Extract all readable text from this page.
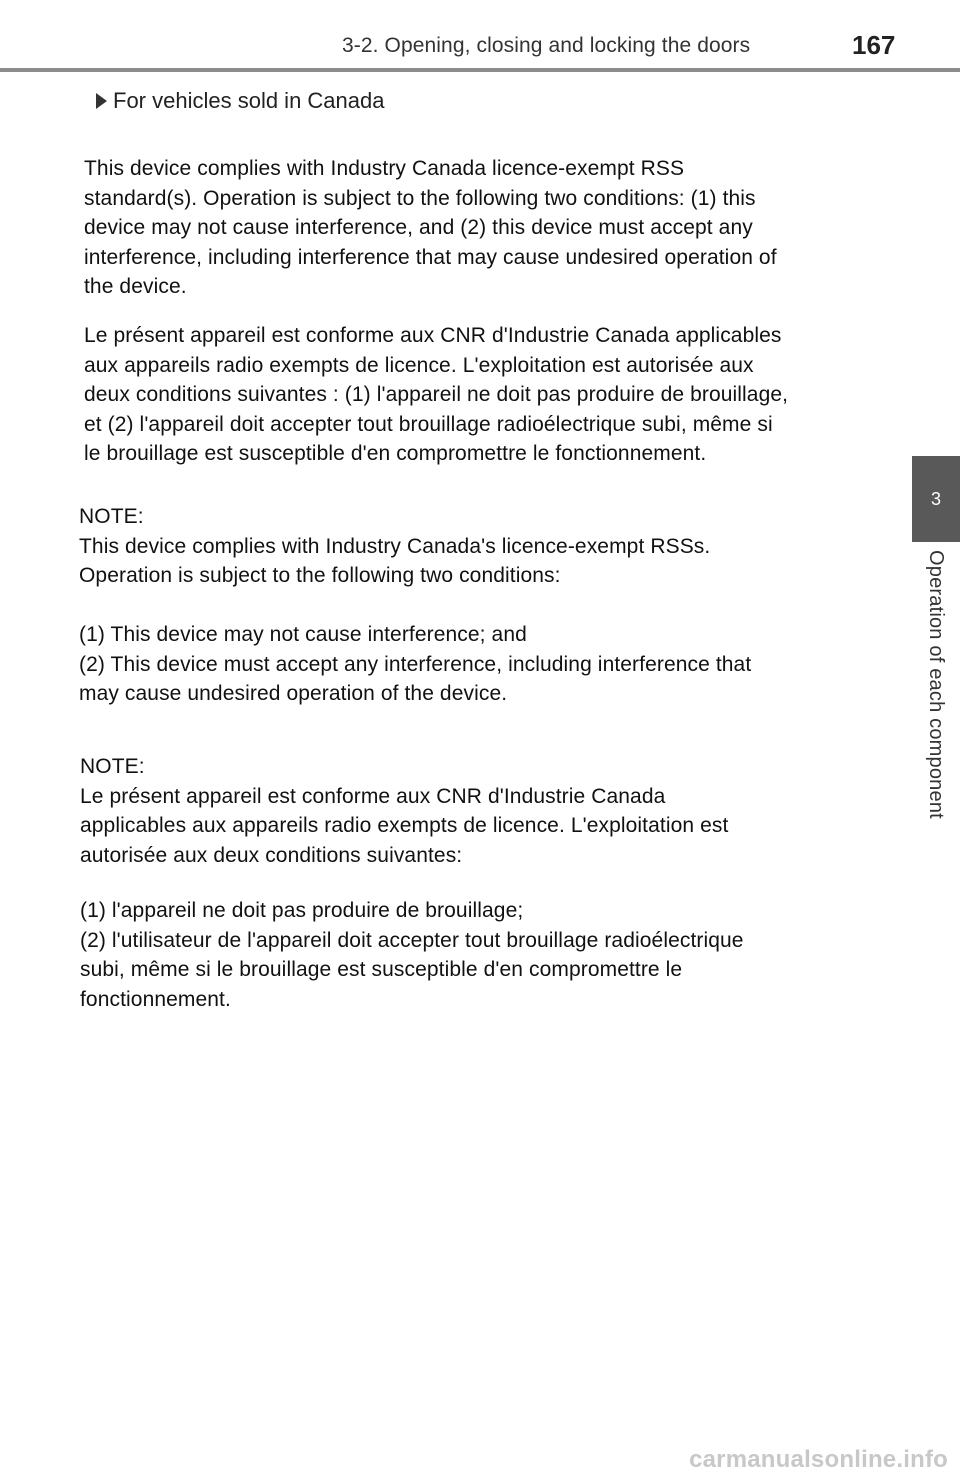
3-2. Opening, closing and locking the doors	167
3
Operation of each component
For vehicles sold in Canada
This device complies with Industry Canada licence-exempt RSS
standard(s). Operation is subject to the following two conditions: (1) this
device may not cause interference, and (2) this device must accept any
interference, including interference that may cause undesired operation of
the device.
Le présent appareil est conforme aux CNR d'Industrie Canada applicables
aux appareils radio exempts de licence. L'exploitation est autorisée aux
deux conditions suivantes : (1) l'appareil ne doit pas produire de brouillage,
et (2) l'appareil doit accepter tout brouillage radioélectrique subi, même si
le brouillage est susceptible d'en compromettre le fonctionnement.
NOTE:
This device complies with Industry Canada's licence-exempt RSSs.
Operation is subject to the following two conditions:
(1) This device may not cause interference; and
(2) This device must accept any interference, including interference that
may cause undesired operation of the device.
NOTE:
Le présent appareil est conforme aux CNR d'Industrie Canada
applicables aux appareils radio exempts de licence. L'exploitation est
autorisée aux deux conditions suivantes:
(1) l'appareil ne doit pas produire de brouillage;
(2) l'utilisateur de l'appareil doit accepter tout brouillage radioélectrique
subi, même si le brouillage est susceptible d'en compromettre le
fonctionnement.
carmanualsonline.info
